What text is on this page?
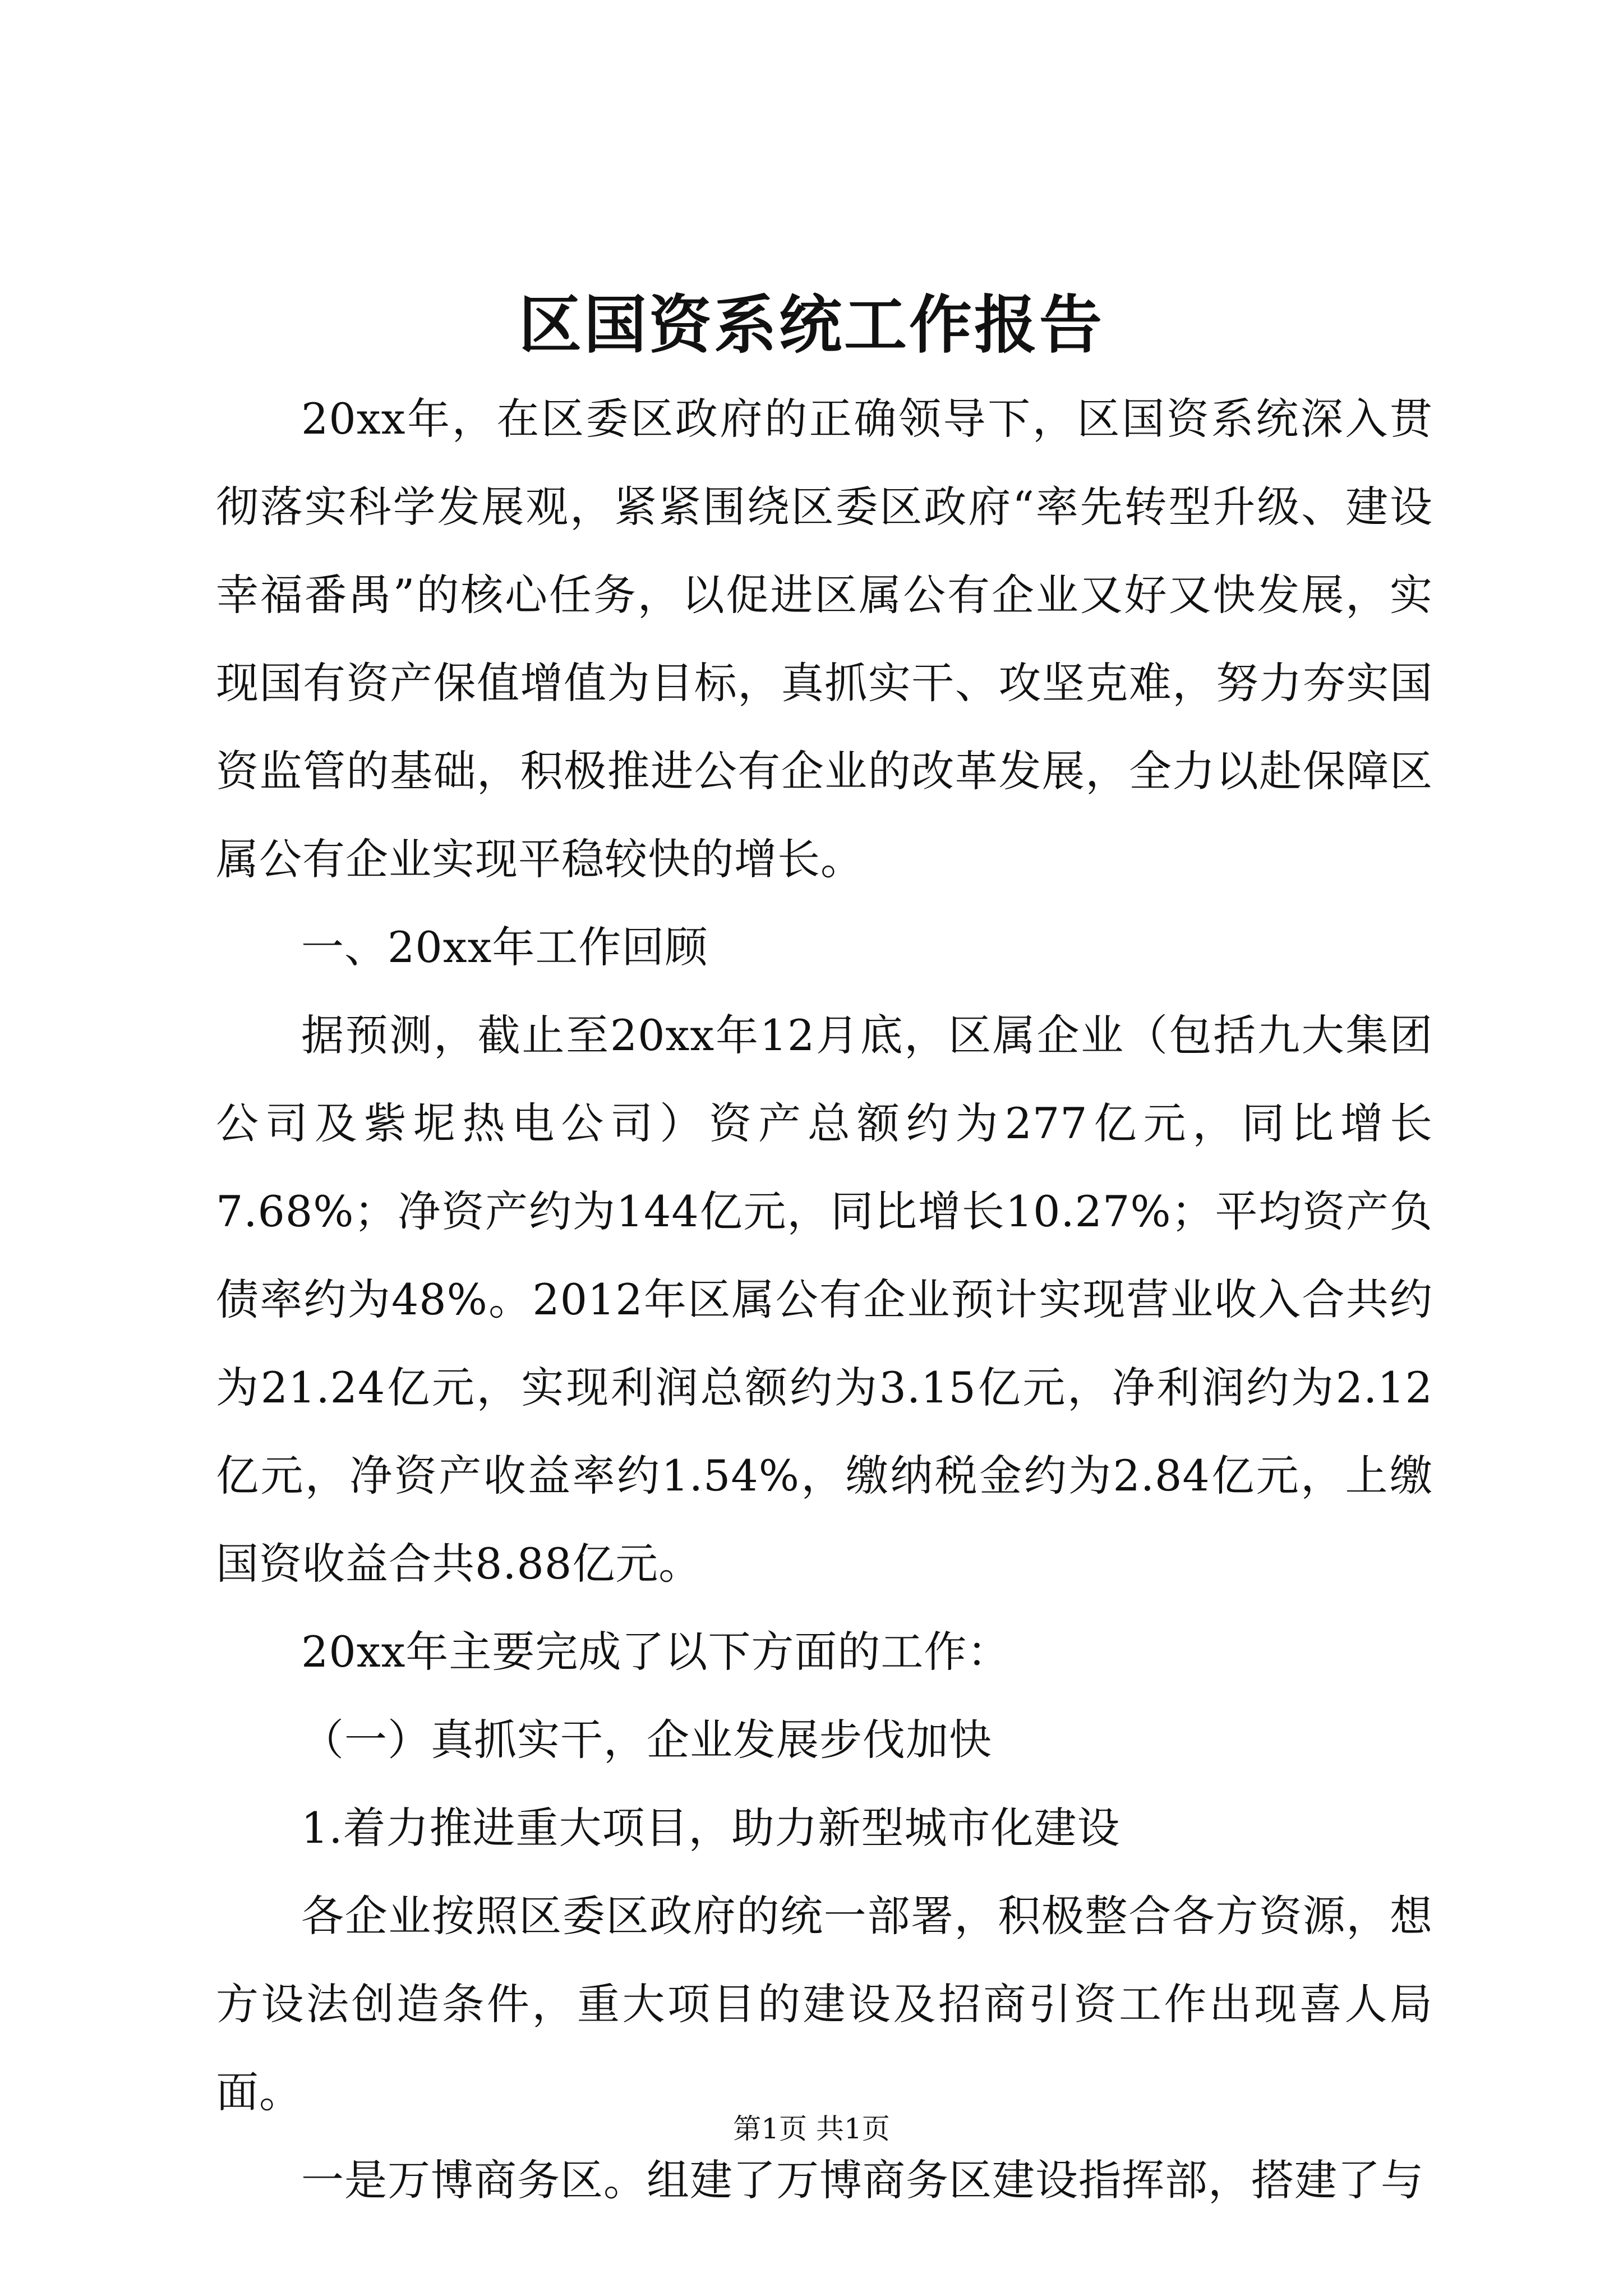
区国资系统工作报告

20xx年，在区委区政府的正确领导下，区国资系统深入贯彻落实科学发展观，紧紧围绕区委区政府“率先转型升级、建设幸福番禺”的核心任务，以促进区属公有企业又好又快发展，实现国有资产保值增值为目标，真抓实干、攻坚克难，努力夯实国资监管的基础，积极推进公有企业的改革发展，全力以赴保障区属公有企业实现平稳较快的增长。

一、20xx年工作回顾

据预测，截止至20xx年12月底，区属企业（包括九大集团公司及紫坭热电公司）资产总额约为277亿元，同比增长7.68%；净资产约为144亿元，同比增长10.27%；平均资产负债率约为48%。2012年区属公有企业预计实现营业收入合共约为21.24亿元，实现利润总额约为3.15亿元，净利润约为2.12亿元，净资产收益率约1.54%，缴纳税金约为2.84亿元，上缴国资收益合共8.88亿元。

20xx年主要完成了以下方面的工作：

（一）真抓实干，企业发展步伐加快

1.着力推进重大项目，助力新型城市化建设

各企业按照区委区政府的统一部署，积极整合各方资源，想方设法创造条件，重大项目的建设及招商引资工作出现喜人局面。

一是万博商务区。组建了万博商务区建设指挥部，搭建了与

第1页 共1页
